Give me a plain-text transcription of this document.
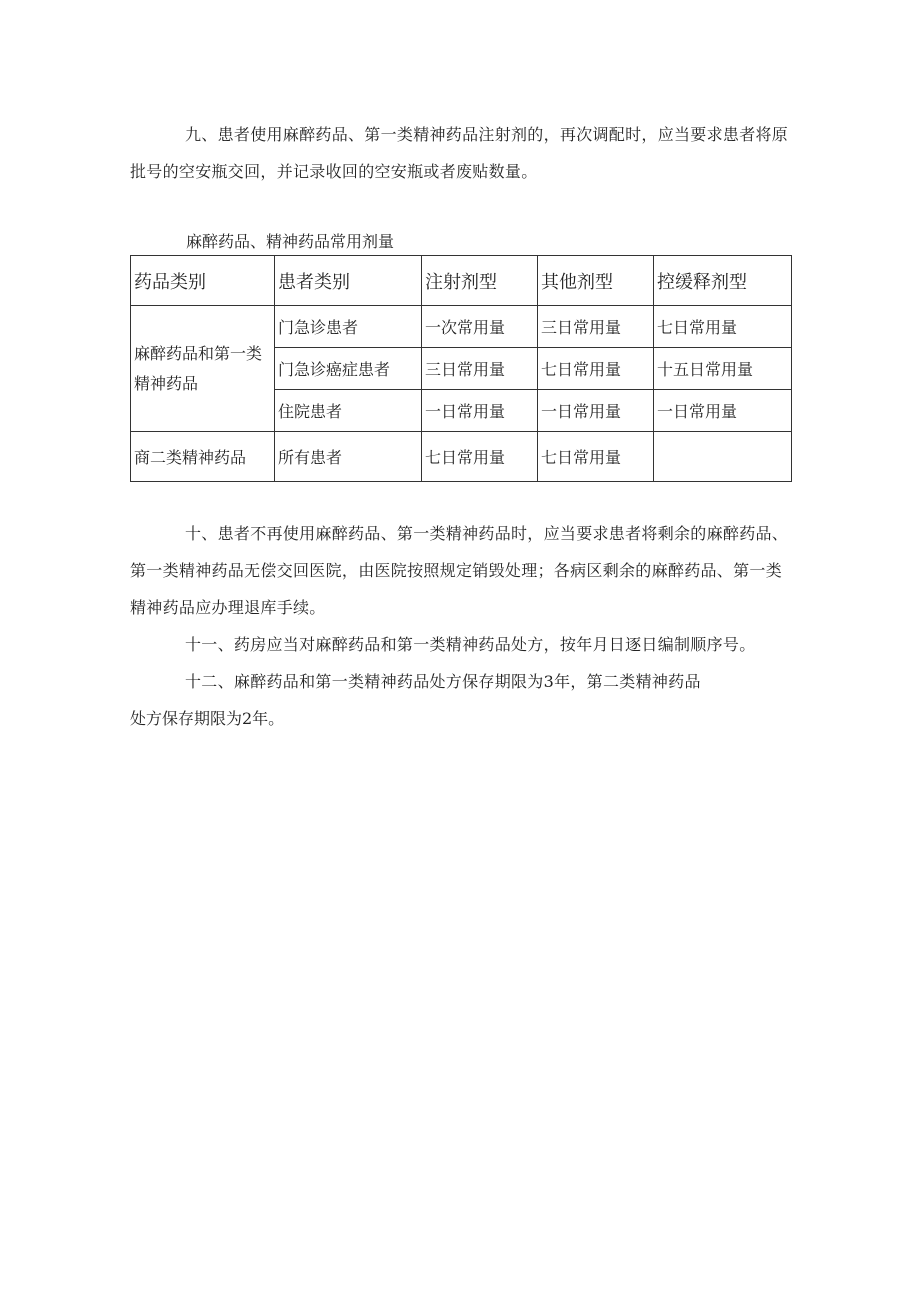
九、患者使用麻醉药品、第一类精神药品注射剂的，再次调配时，应当要求患者将原批号的空安瓶交回，并记录收回的空安瓶或者废贴数量。

麻醉药品、精神药品常用剂量

药品类别	患者类别	注射剂型	其他剂型	控缓释剂型
麻醉药品和第一类精神药品	门急诊患者	一次常用量	三日常用量	七日常用量
	门急诊癌症患者	三日常用量	七日常用量	十五日常用量
	住院患者	一日常用量	一日常用量	一日常用量
商二类精神药品	所有患者	七日常用量	七日常用量	

十、患者不再使用麻醉药品、第一类精神药品时，应当要求患者将剩余的麻醉药品、第一类精神药品无偿交回医院，由医院按照规定销毁处理；各病区剩余的麻醉药品、第一类精神药品应办理退库手续。

十一、药房应当对麻醉药品和第一类精神药品处方，按年月日逐日编制顺序号。

十二、麻醉药品和第一类精神药品处方保存期限为3年，第二类精神药品

处方保存期限为2年。
